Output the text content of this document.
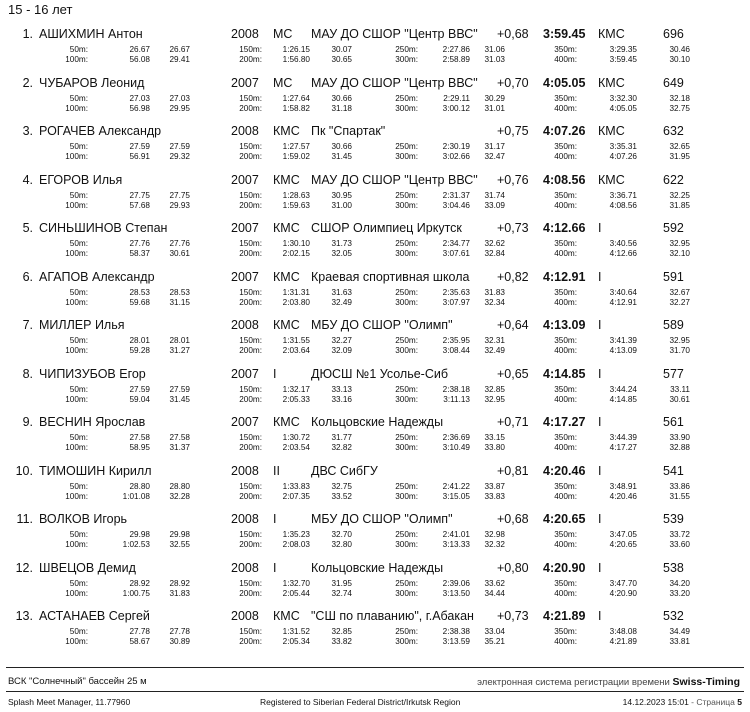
15 - 16 лет
1. АШИХМИН Антон	2008 МС МАУ ДО СШОР "Центр ВВС" +0,68 3:59.45 КМС	696
50m:	26.67 26.67	150m:	1:26.15	30.07	250m:	2:27.86 31.06	350m:	3:29.35	30.46
100m:	56.08 29.41	200m:	1:56.80	30.65	300m:	2:58.89 31.03	400m:	3:59.45	30.10
2. ЧУБАРОВ Леонид	2007 МС МАУ ДО СШОР "Центр ВВС" +0,70 4:05.05 КМС	649
50m:	27.03 27.03	150m:	1:27.64	30.66	250m:	2:29.11 30.29	350m:	3:32.30	32.18
100m:	56.98 29.95	200m:	1:58.82	31.18	300m:	3:00.12 31.01	400m:	4:05.05	32.75
3. РОГАЧЕВ Александр	2008 КМС Пк "Спартак"	+0,75 4:07.26 КМС	632
50m:	27.59 27.59	150m:	1:27.57	30.66	250m:	2:30.19 31.17	350m:	3:35.31	32.65
100m:	56.91 29.32	200m:	1:59.02	31.45	300m:	3:02.66 32.47	400m:	4:07.26	31.95
4. ЕГОРОВ Илья	2007 КМС МАУ ДО СШОР "Центр ВВС" +0,76 4:08.56 КМС	622
50m:	27.75 27.75	150m:	1:28.63	30.95	250m:	2:31.37 31.74	350m:	3:36.71	32.25
100m:	57.68 29.93	200m:	1:59.63	31.00	300m:	3:04.46 33.09	400m:	4:08.56	31.85
5. СИНЬШИНОВ Степан	2007 КМС СШОР Олимпиец Иркутск	+0,73 4:12.66 I	592
50m:	27.76 27.76	150m:	1:30.10	31.73	250m:	2:34.77 32.62	350m:	3:40.56	32.95
100m:	58.37 30.61	200m:	2:02.15	32.05	300m:	3:07.61 32.84	400m:	4:12.66	32.10
6. АГАПОВ Александр	2007 КМС Краевая спортивная школа +0,82 4:12.91 I	591
50m:	28.53 28.53	150m:	1:31.31	31.63	250m:	2:35.63 31.83	350m:	3:40.64	32.67
100m:	59.68 31.15	200m:	2:03.80	32.49	300m:	3:07.97 32.34	400m:	4:12.91	32.27
7. МИЛЛЕР Илья	2008 КМС МБУ ДО СШОР "Олимп"	+0,64 4:13.09 I	589
50m:	28.01 28.01	150m:	1:31.55	32.27	250m:	2:35.95 32.31	350m:	3:41.39	32.95
100m:	59.28 31.27	200m:	2:03.64	32.09	300m:	3:08.44 32.49	400m:	4:13.09	31.70
8. ЧИПИЗУБОВ Егор	2007 I	ДЮСШ №1 Усолье-Сиб	+0,65 4:14.85 I	577
50m:	27.59 27.59	150m:	1:32.17	33.13	250m:	2:38.18 32.85	350m:	3:44.24	33.11
100m:	59.04 31.45	200m:	2:05.33	33.16	300m:	3:11.13 32.95	400m:	4:14.85	30.61
9. ВЕСНИН Ярослав	2007 КМС Кольцовские Надежды	+0,71 4:17.27 I	561
50m:	27.58 27.58	150m:	1:30.72	31.77	250m:	2:36.69 33.15	350m:	3:44.39	33.90
100m:	58.95 31.37	200m:	2:03.54	32.82	300m:	3:10.49 33.80	400m:	4:17.27	32.88
10. ТИМОШИН Кирилл	2008 II ДВС СибГУ	+0,81 4:20.46 I	541
50m:	28.80 28.80	150m:	1:33.83	32.75	250m:	2:41.22 33.87	350m:	3:48.91	33.86
100m:	1:01.08 32.28	200m:	2:07.35	33.52	300m:	3:15.05 33.83	400m:	4:20.46	31.55
11. ВОЛКОВ Игорь	2008 I	МБУ ДО СШОР "Олимп"	+0,68 4:20.65 I	539
50m:	29.98 29.98	150m:	1:35.23	32.70	250m:	2:41.01 32.98	350m:	3:47.05	33.72
100m:	1:02.53 32.55	200m:	2:08.03	32.80	300m:	3:13.33 32.32	400m:	4:20.65	33.60
12. ШВЕЦОВ Демид	2008 I	Кольцовские Надежды	+0,80 4:20.90 I	538
50m:	28.92 28.92	150m:	1:32.70	31.95	250m:	2:39.06 33.62	350m:	3:47.70	34.20
100m:	1:00.75 31.83	200m:	2:05.44	32.74	300m:	3:13.50 34.44	400m:	4:20.90	33.20
13. АСТАНАЕВ Сергей	2008 КМС "СШ по плаванию", г.Абакан +0,73 4:21.89 I	532
50m:	27.78 27.78	150m:	1:31.52	32.85	250m:	2:38.38 33.04	350m:	3:48.08	34.49
100m:	58.67 30.89	200m:	2:05.34	33.82	300m:	3:13.59 35.21	400m:	4:21.89	33.81
ВСК "Солнечный" бассейн 25 м	электронная система регистрации времени Swiss-Timing
Splash Meet Manager, 11.77960	Registered to Siberian Federal District/Irkutsk Region	14.12.2023 15:01 - Страница 5
